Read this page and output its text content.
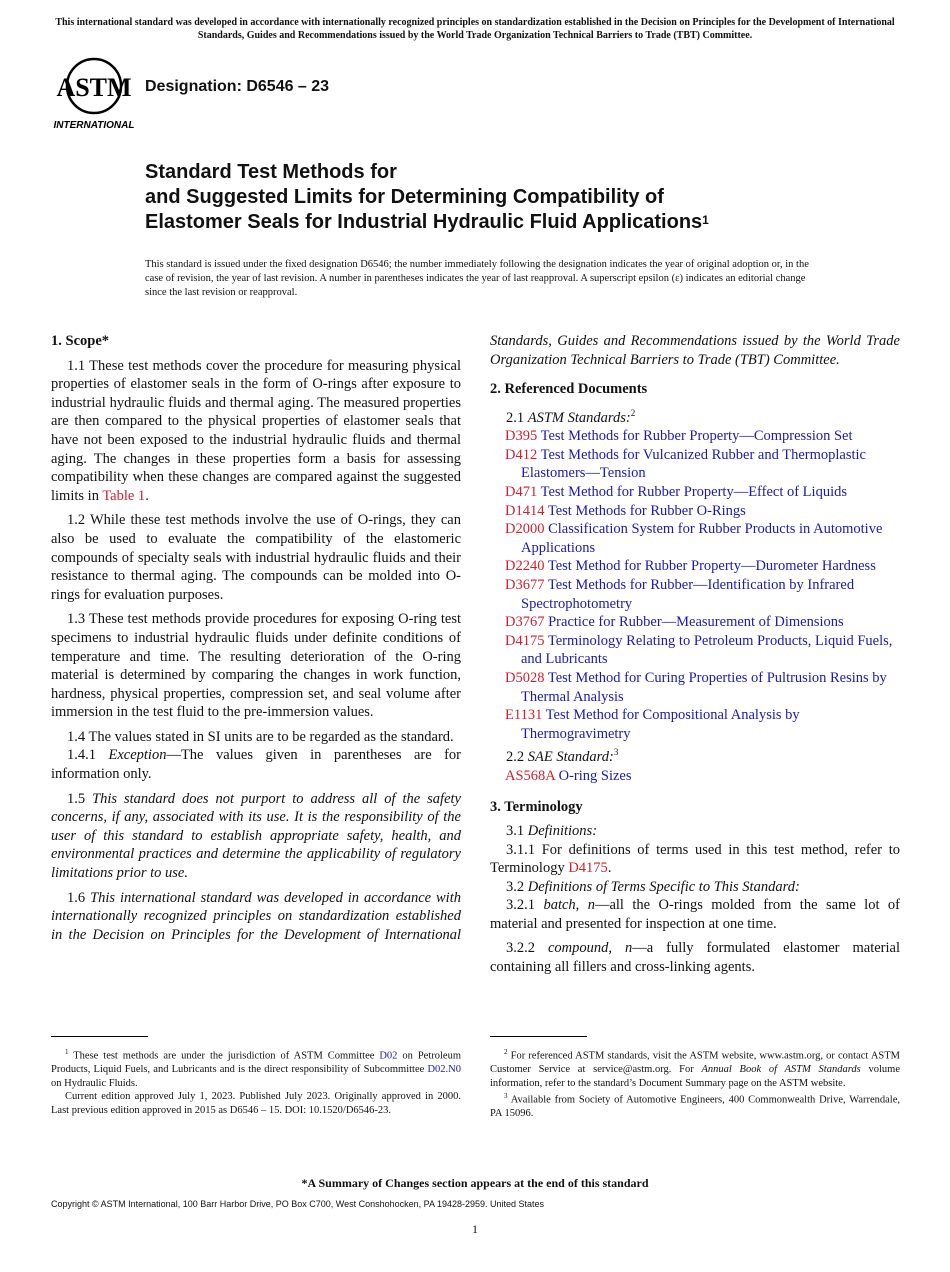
This international standard was developed in accordance with internationally recognized principles on standardization established in the Decision on Principles for the Development of International Standards, Guides and Recommendations issued by the World Trade Organization Technical Barriers to Trade (TBT) Committee.
ASTM
INTERNATIONAL
Designation: D6546 – 23
Standard Test Methods for
and Suggested Limits for Determining Compatibility of
Elastomer Seals for Industrial Hydraulic Fluid Applications$^1$
This standard is issued under the fixed designation D6546; the number immediately following the designation indicates the year of original adoption or, in the case of revision, the year of last revision. A number in parentheses indicates the year of last reapproval. A superscript epsilon (ε) indicates an editorial change since the last revision or reapproval.
1. Scope*

1.1 These test methods cover the procedure for measuring physical properties of elastomer seals in the form of O-rings after exposure to industrial hydraulic fluids and thermal aging. The measured properties are then compared to the physical properties of elastomer seals that have not been exposed to the industrial hydraulic fluids and thermal aging. The changes in these properties form a basis for assessing compatibility when these changes are compared against the suggested limits in Table 1.

1.2 While these test methods involve the use of O-rings, they can also be used to evaluate the compatibility of the elastomeric compounds of specialty seals with industrial hydraulic fluids and their resistance to thermal aging. The compounds can be molded into O-rings for evaluation purposes.

1.3 These test methods provide procedures for exposing O-ring test specimens to industrial hydraulic fluids under definite conditions of temperature and time. The resulting deterioration of the O-ring material is determined by comparing the changes in work function, hardness, physical properties, compression set, and seal volume after immersion in the test fluid to the pre-immersion values.

1.4 The values stated in SI units are to be regarded as the standard.

1.4.1 Exception—The values given in parentheses are for information only.

1.5 This standard does not purport to address all of the safety concerns, if any, associated with its use. It is the responsibility of the user of this standard to establish appropriate safety, health, and environmental practices and determine the applicability of regulatory limitations prior to use.

1.6 This international standard was developed in accordance with internationally recognized principles on standardization established in the Decision on Principles for the Development of International

Standards, Guides and Recommendations issued by the World Trade Organization Technical Barriers to Trade (TBT) Committee.

2. Referenced Documents

2.1 ASTM Standards:$^2$

D395 Test Methods for Rubber Property—Compression Set

D412 Test Methods for Vulcanized Rubber and Thermoplastic Elastomers—Tension

D471 Test Method for Rubber Property—Effect of Liquids

D1414 Test Methods for Rubber O-Rings

D2000 Classification System for Rubber Products in Automotive Applications

D2240 Test Method for Rubber Property—Durometer Hardness

D3677 Test Methods for Rubber—Identification by Infrared Spectrophotometry

D3767 Practice for Rubber—Measurement of Dimensions

D4175 Terminology Relating to Petroleum Products, Liquid Fuels, and Lubricants

D5028 Test Method for Curing Properties of Pultrusion Resins by Thermal Analysis

E1131 Test Method for Compositional Analysis by Thermogravimetry

2.2 SAE Standard:$^3$

AS568A O-ring Sizes

3. Terminology

3.1 Definitions:

3.1.1 For definitions of terms used in this test method, refer to Terminology D4175.

3.2 Definitions of Terms Specific to This Standard:

3.2.1 batch, n—all the O-rings molded from the same lot of material and presented for inspection at one time.

3.2.2 compound, n—a fully formulated elastomer material containing all fillers and cross-linking agents.

$^1$ These test methods are under the jurisdiction of ASTM Committee D02 on Petroleum Products, Liquid Fuels, and Lubricants and is the direct responsibility of Subcommittee D02.N0 on Hydraulic Fluids.

Current edition approved July 1, 2023. Published July 2023. Originally approved in 2000. Last previous edition approved in 2015 as D6546 – 15. DOI: 10.1520/D6546-23.

$^2$ For referenced ASTM standards, visit the ASTM website, www.astm.org, or contact ASTM Customer Service at service@astm.org. For Annual Book of ASTM Standards volume information, refer to the standard’s Document Summary page on the ASTM website.

$^3$ Available from Society of Automotive Engineers, 400 Commonwealth Drive, Warrendale, PA 15096.

*A Summary of Changes section appears at the end of this standard
Copyright © ASTM International, 100 Barr Harbor Drive, PO Box C700, West Conshohocken, PA 19428-2959. United States
1
